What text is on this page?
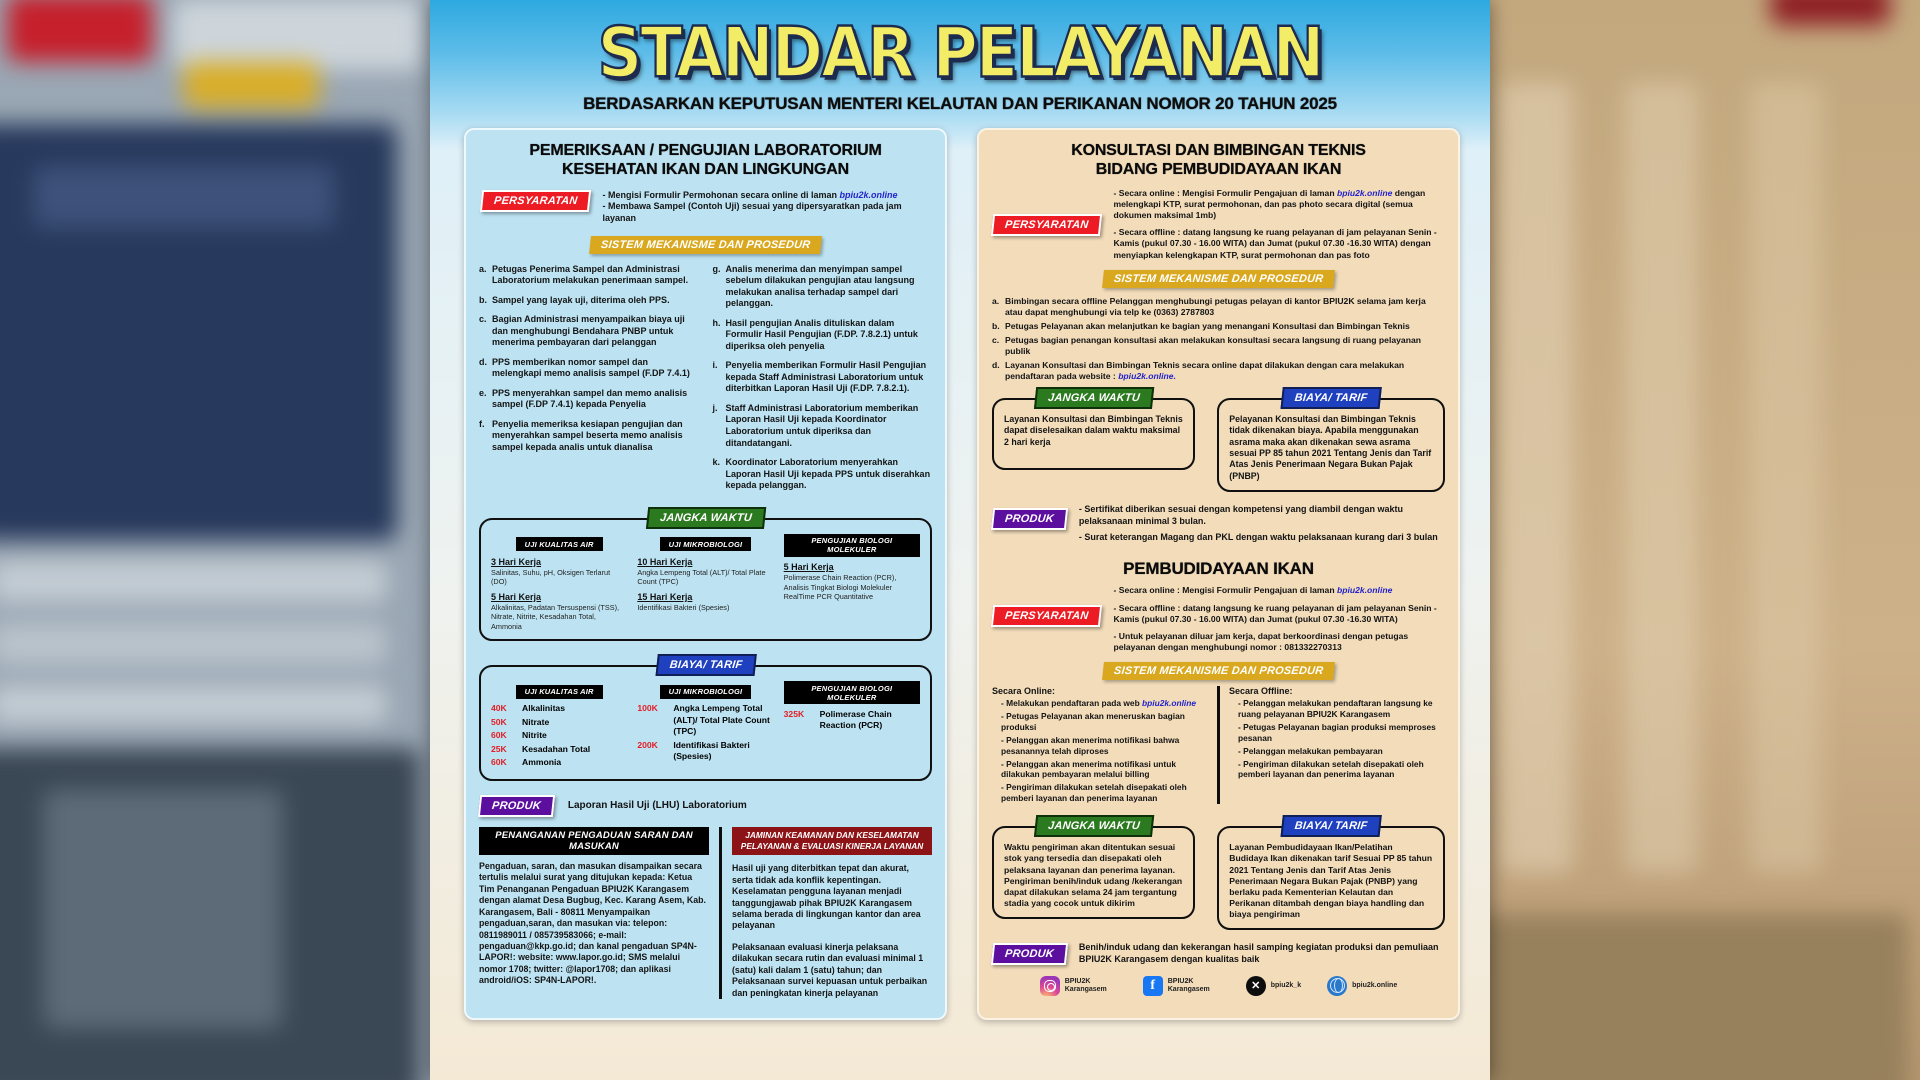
STANDAR PELAYANAN
BERDASARKAN KEPUTUSAN MENTERI KELAUTAN DAN PERIKANAN NOMOR 20 TAHUN 2025
PEMERIKSAAN / PENGUJIAN LABORATORIUM
KESEHATAN IKAN DAN LINGKUNGAN
PERSYARATAN	- Mengisi Formulir Permohonan secara online di laman bpiu2k.online
- Membawa Sampel (Contoh Uji) sesuai yang dipersyaratkan pada jam layanan
SISTEM MEKANISME DAN PROSEDUR
a. Petugas Penerima Sampel dan Administrasi Laboratorium melakukan penerimaan sampel.
b. Sampel yang layak uji, diterima oleh PPS.
c. Bagian Administrasi menyampaikan biaya uji dan menghubungi Bendahara PNBP untuk menerima pembayaran dari pelanggan
d. PPS memberikan nomor sampel dan melengkapi memo analisis sampel (F.DP 7.4.1)
e. PPS menyerahkan sampel dan memo analisis sampel (F.DP 7.4.1) kepada Penyelia
f. Penyelia memeriksa kesiapan pengujian dan menyerahkan sampel beserta memo analisis sampel kepada analis untuk dianalisa
g. Analis menerima dan menyimpan sampel sebelum dilakukan pengujian atau langsung melakukan analisa terhadap sampel dari pelanggan.
h. Hasil pengujian Analis dituliskan dalam Formulir Hasil Pengujian (F.DP. 7.8.2.1) untuk diperiksa oleh penyelia
i. Penyelia memberikan Formulir Hasil Pengujian kepada Staff Administrasi Laboratorium untuk diterbitkan Laporan Hasil Uji (F.DP. 7.8.2.1).
j. Staff Administrasi Laboratorium memberikan Laporan Hasil Uji kepada Koordinator Laboratorium untuk diperiksa dan ditandatangani.
k. Koordinator Laboratorium menyerahkan Laporan Hasil Uji kepada PPS untuk diserahkan kepada pelanggan.
JANGKA WAKTU
UJI KUALITAS AIR
3 Hari Kerja
Salinitas, Suhu, pH, Oksigen Terlarut (DO)
5 Hari Kerja
Alkalinitas, Padatan Tersuspensi (TSS), Nitrate, Nitrite, Kesadahan Total, Ammonia
UJI MIKROBIOLOGI
10 Hari Kerja
Angka Lempeng Total (ALT)/ Total Plate Count (TPC)
15 Hari Kerja
Identifikasi Bakteri (Spesies)
PENGUJIAN BIOLOGI MOLEKULER
5 Hari Kerja
Polimerase Chain Reaction (PCR), Analisis Tingkat Biologi Molekuler RealTime PCR Quantitative
BIAYA/ TARIF
UJI KUALITAS AIR
40K	Alkalinitas
50K	Nitrate
60K	Nitrite
25K	Kesadahan Total
60K	Ammonia
UJI MIKROBIOLOGI
100K	Angka Lempeng Total (ALT)/ Total Plate Count (TPC)
200K	Identifikasi Bakteri (Spesies)
PENGUJIAN BIOLOGI MOLEKULER
325K	Polimerase Chain Reaction (PCR)
PRODUK	Laporan Hasil Uji (LHU) Laboratorium
PENANGANAN PENGADUAN SARAN DAN MASUKAN
Pengaduan, saran, dan masukan disampaikan secara tertulis melalui surat yang ditujukan kepada: Ketua Tim Penanganan Pengaduan BPIU2K Karangasem dengan alamat Desa Bugbug, Kec. Karang Asem, Kab. Karangasem, Bali - 80811 Menyampaikan pengaduan,saran, dan masukan via: telepon: 0811989011 / 085739583066; e-mail: pengaduan@kkp.go.id; dan kanal pengaduan SP4N-LAPOR!: website: www.lapor.go.id; SMS melalui nomor 1708; twitter: @lapor1708; dan aplikasi android/iOS: SP4N-LAPOR!.
JAMINAN KEAMANAN DAN KESELAMATAN PELAYANAN & EVALUASI KINERJA LAYANAN
Hasil uji yang diterbitkan tepat dan akurat, serta tidak ada konflik kepentingan. Keselamatan pengguna layanan menjadi tanggungjawab pihak BPIU2K Karangasem selama berada di lingkungan kantor dan area pelayanan
Pelaksanaan evaluasi kinerja pelaksana dilakukan secara rutin dan evaluasi minimal 1 (satu) kali dalam 1 (satu) tahun; dan Pelaksanaan survei kepuasan untuk perbaikan dan peningkatan kinerja pelayanan
KONSULTASI DAN BIMBINGAN TEKNIS
BIDANG PEMBUDIDAYAAN IKAN
PERSYARATAN
- Secara online : Mengisi Formulir Pengajuan di laman bpiu2k.online dengan melengkapi KTP, surat permohonan, dan pas photo secara digital (semua dokumen maksimal 1mb)
- Secara offline : datang langsung ke ruang pelayanan di jam pelayanan Senin - Kamis (pukul 07.30 - 16.00 WITA) dan Jumat (pukul 07.30 -16.30 WITA) dengan menyiapkan kelengkapan KTP, surat permohonan dan pas foto
SISTEM MEKANISME DAN PROSEDUR
a. Bimbingan secara offline Pelanggan menghubungi petugas pelayan di kantor BPIU2K selama jam kerja atau dapat menghubungi via telp ke (0363) 2787803
b. Petugas Pelayanan akan melanjutkan ke bagian yang menangani Konsultasi dan Bimbingan Teknis
c. Petugas bagian penangan konsultasi akan melakukan konsultasi secara langsung di ruang pelayanan publik
d. Layanan Konsultasi dan Bimbingan Teknis secara online dapat dilakukan dengan cara melakukan pendaftaran pada website : bpiu2k.online.
JANGKA WAKTU
Layanan Konsultasi dan Bimbingan Teknis dapat diselesaikan dalam waktu maksimal 2 hari kerja
BIAYA/ TARIF
Pelayanan Konsultasi dan Bimbingan Teknis tidak dikenakan biaya. Apabila menggunakan asrama maka akan dikenakan sewa asrama sesuai PP 85 tahun 2021 Tentang Jenis dan Tarif Atas Jenis Penerimaan Negara Bukan Pajak (PNBP)
PRODUK
- Sertifikat diberikan sesuai dengan kompetensi yang diambil dengan waktu pelaksanaan minimal 3 bulan.
- Surat keterangan Magang dan PKL dengan waktu pelaksanaan kurang dari 3 bulan
PEMBUDIDAYAAN IKAN
PERSYARATAN
- Secara online : Mengisi Formulir Pengajuan di laman bpiu2k.online
- Secara offline : datang langsung ke ruang pelayanan di jam pelayanan Senin - Kamis (pukul 07.30 - 16.00 WITA) dan Jumat (pukul 07.30 -16.30 WITA)
- Untuk pelayanan diluar jam kerja, dapat berkoordinasi dengan petugas pelayanan dengan menghubungi nomor : 081332270313
SISTEM MEKANISME DAN PROSEDUR
Secara Online:
- Melakukan pendaftaran pada web bpiu2k.online
- Petugas Pelayanan akan meneruskan bagian produksi
- Pelanggan akan menerima notifikasi bahwa pesanannya telah diproses
- Pelanggan akan menerima notifikasi untuk dilakukan pembayaran melalui billing
- Pengiriman dilakukan setelah disepakati oleh pemberi layanan dan penerima layanan
Secara Offline:
- Pelanggan melakukan pendaftaran langsung ke ruang pelayanan BPIU2K Karangasem
- Petugas Pelayanan bagian produksi memproses pesanan
- Pelanggan melakukan pembayaran
- Pengiriman dilakukan setelah disepakati oleh pemberi layanan dan penerima layanan
JANGKA WAKTU
Waktu pengiriman akan ditentukan sesuai stok yang tersedia dan disepakati oleh pelaksana layanan dan penerima layanan. Pengiriman benih/induk udang /kekerangan dapat dilakukan selama 24 jam tergantung stadia yang cocok untuk dikirim
BIAYA/ TARIF
Layanan Pembudidayaan Ikan/Pelatihan Budidaya Ikan dikenakan tarif Sesuai PP 85 tahun 2021 Tentang Jenis dan Tarif Atas Jenis Penerimaan Negara Bukan Pajak (PNBP) yang berlaku pada Kementerian Kelautan dan Perikanan ditambah dengan biaya handling dan biaya pengiriman
PRODUK
Benih/induk udang dan kekerangan hasil samping kegiatan produksi dan pemuliaan BPIU2K Karangasem dengan kualitas baik
BPIU2K Karangasem	f	BPIU2K Karangasem	✕	bpiu2k_k	bpiu2k.online
